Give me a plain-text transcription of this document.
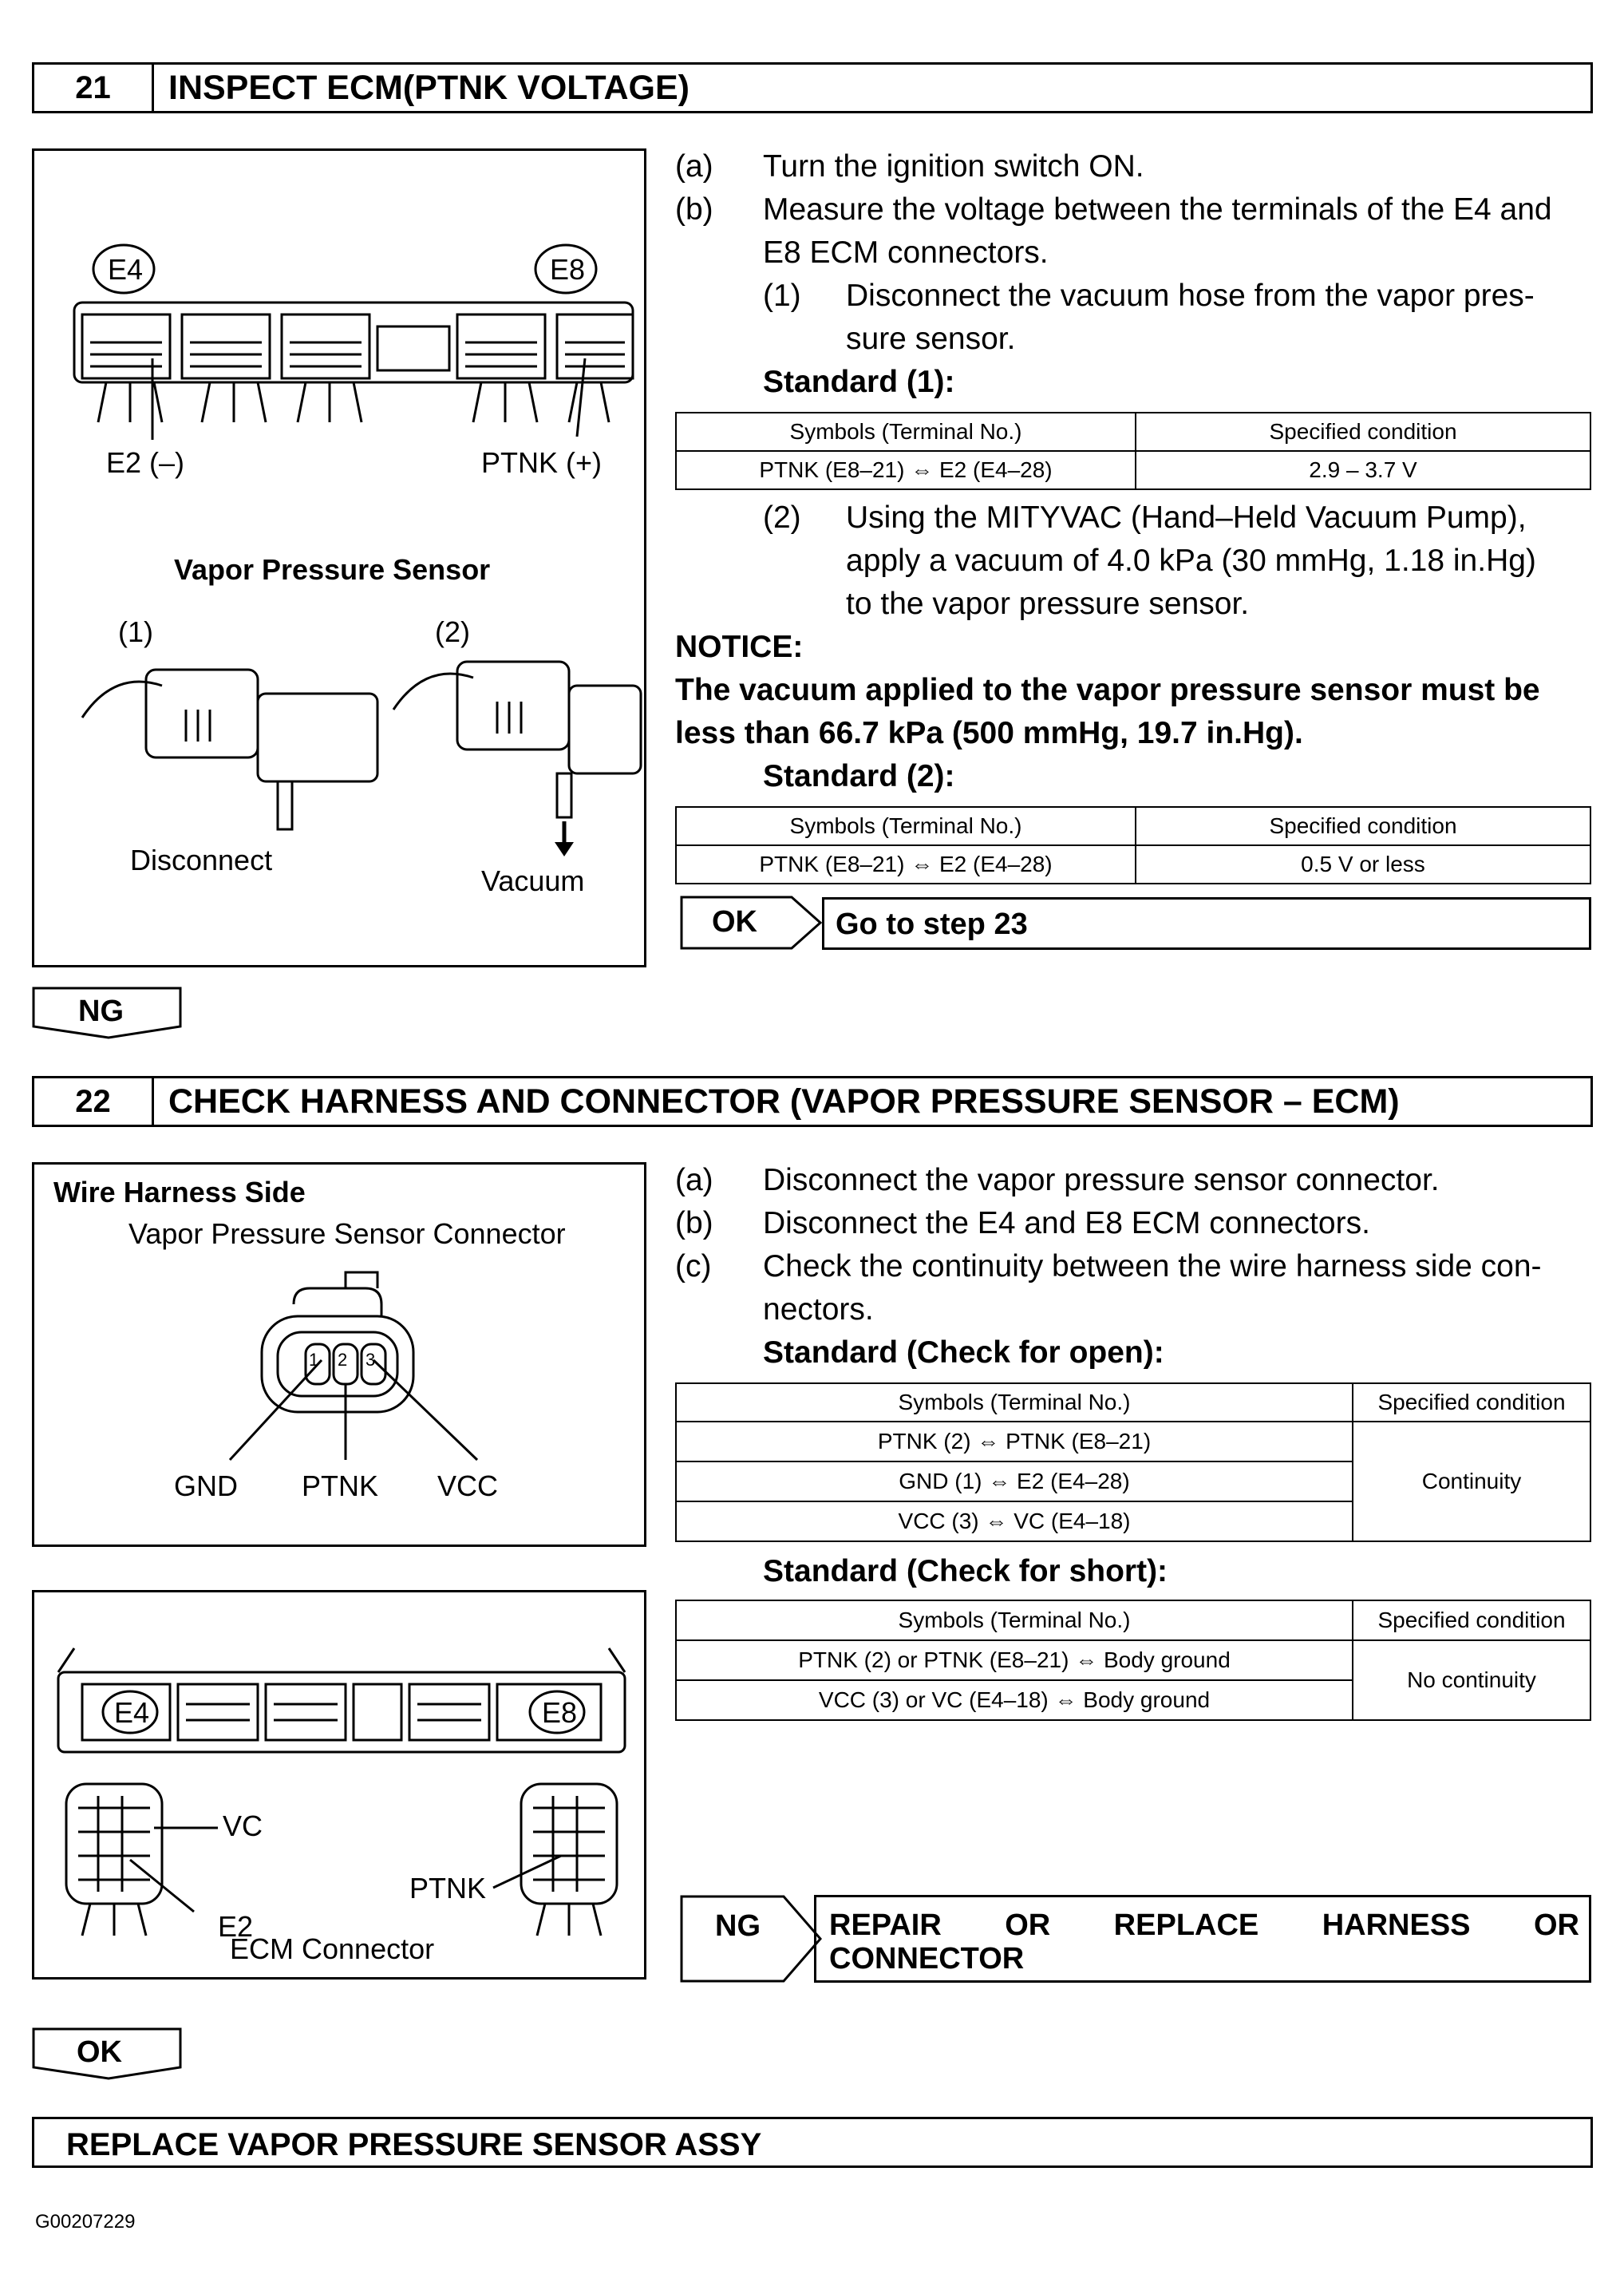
21	INSPECT ECM(PTNK VOLTAGE)
E4	E8
E2 (–)	PTNK (+)
Vapor Pressure Sensor
(1)	(2)
Disconnect
Vacuum
(a) Turn the ignition switch ON.
(b) Measure the voltage between the terminals of the E4 and
E8 ECM connectors.
(1) Disconnect the vacuum hose from the vapor pres-
sure sensor.
Standard (1):
Symbols (Terminal No.)	Specified condition
PTNK (E8–21) ⇔ E2 (E4–28)	2.9 – 3.7 V
(2) Using the MITYVAC (Hand–Held Vacuum Pump),
apply a vacuum of 4.0 kPa (30 mmHg, 1.18 in.Hg)
to the vapor pressure sensor.
NOTICE:
The vacuum applied to the vapor pressure sensor must be
less than 66.7 kPa (500 mmHg, 19.7 in.Hg).
Standard (2):
Symbols (Terminal No.)	Specified condition
PTNK (E8–21) ⇔ E2 (E4–28)	0.5 V or less
OK	Go to step 23
NG
22	CHECK HARNESS AND CONNECTOR (VAPOR PRESSURE SENSOR – ECM)
Wire Harness Side
Vapor Pressure Sensor Connector
1 2 3
GND PTNK VCC
E4	E8
VC
E2
PTNK
ECM Connector
(a) Disconnect the vapor pressure sensor connector.
(b) Disconnect the E4 and E8 ECM connectors.
(c) Check the continuity between the wire harness side con-
nectors.
Standard (Check for open):
Symbols (Terminal No.)	Specified condition
PTNK (2) ⇔ PTNK (E8–21)	Continuity
GND (1) ⇔ E2 (E4–28)	
VCC (3) ⇔ VC (E4–18)	
Standard (Check for short):
Symbols (Terminal No.)	Specified condition
PTNK (2) or PTNK (E8–21) ⇔ Body ground	No continuity
VCC (3) or VC (E4–18) ⇔ Body ground	
NG REPAIR OR REPLACE HARNESS OR
CONNECTOR
OK
REPLACE VAPOR PRESSURE SENSOR ASSY
G00207229
